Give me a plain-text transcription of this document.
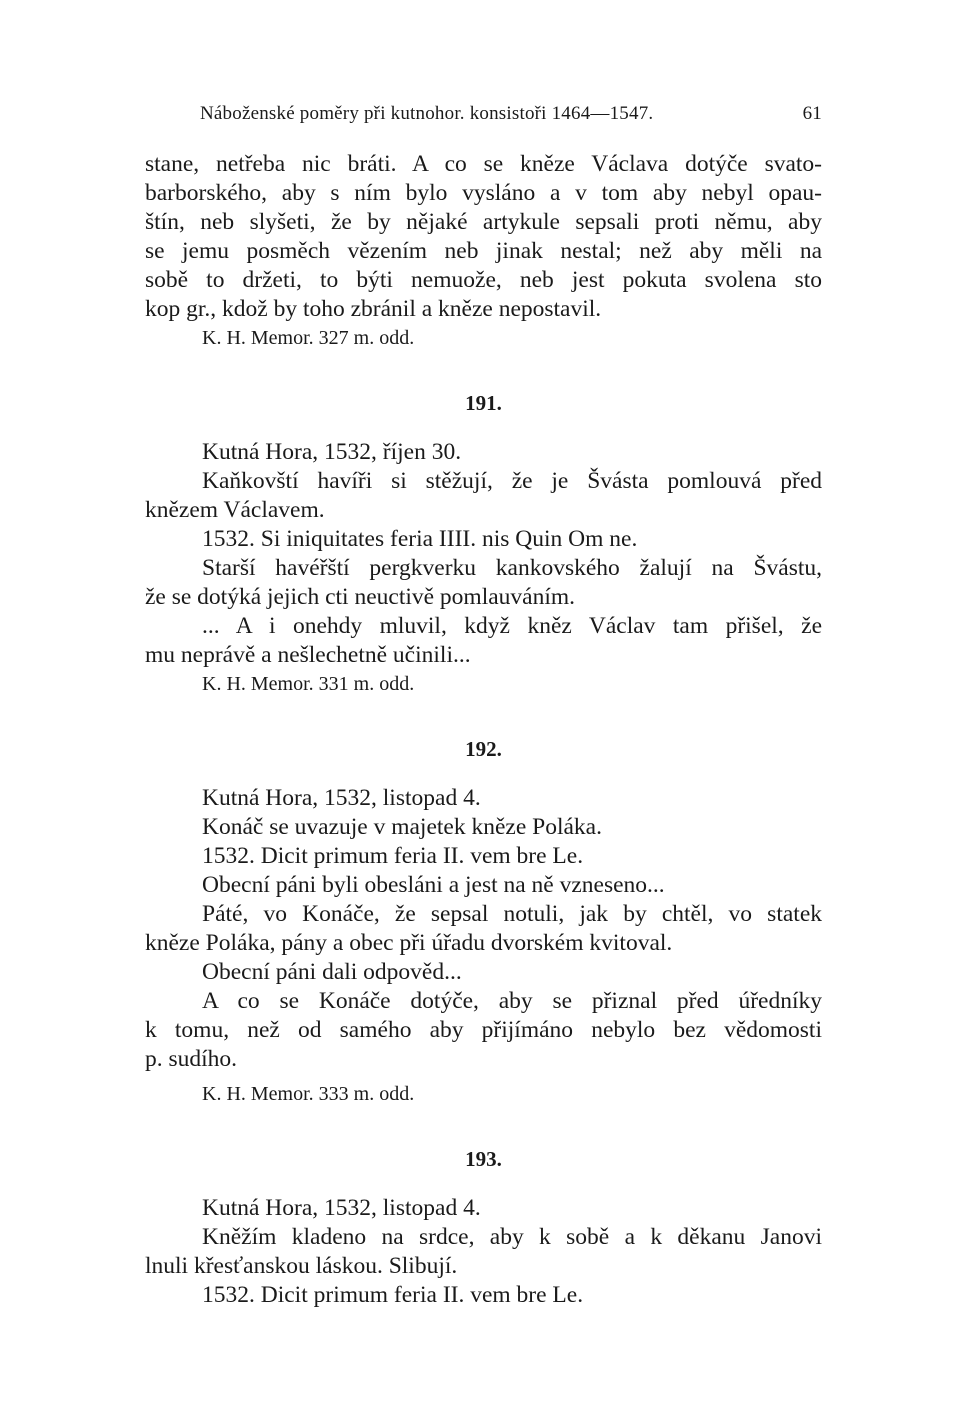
Náboženské poměry při kutnohor. konsistoři 1464—1547.	61
stane, netřeba nic bráti. A co se kněze Václava dotýče svato-
barborského, aby s ním bylo vysláno a v tom aby nebyl opau-
štín, neb slyšeti, že by nějaké artykule sepsali proti němu, aby
se jemu posměch vězením neb jinak nestal; než aby měli na
sobě to držeti, to býti nemuože, neb jest pokuta svolena sto
kop gr., kdož by toho zbránil a kněze nepostavil.

K. H. Memor. 327 m. odd.

191.

Kutná Hora, 1532, říjen 30.

Kaňkovští havíři si stěžují, že je Švásta pomlouvá před
knězem Václavem.

1532. Si iniquitates feria IIII. nis Quin Om ne.

Starší havéřští pergkverku kankovského žalují na Švástu,
že se dotýká jejich cti neuctivě pomlauváním.
... A i onehdy mluvil, když kněz Václav tam přišel, že
mu neprávě a nešlechetně učinili...

K. H. Memor. 331 m. odd.

192.

Kutná Hora, 1532, listopad 4.

Konáč se uvazuje v majetek kněze Poláka.

1532. Dicit primum feria II. vem bre Le.

Obecní páni byli obesláni a jest na ně vzneseno...

Páté, vo Konáče, že sepsal notuli, jak by chtěl, vo statek
kněze Poláka, pány a obec při úřadu dvorském kvitoval.

Obecní páni dali odpověd...

A co se Konáče dotýče, aby se přiznal před úředníky
k tomu, než od samého aby přijímáno nebylo bez vědomosti
p. sudího.

K. H. Memor. 333 m. odd.

193.

Kutná Hora, 1532, listopad 4.

Kněžím kladeno na srdce, aby k sobě a k děkanu Janovi
lnuli křesťanskou láskou. Slibují.

1532. Dicit primum feria II. vem bre Le.
